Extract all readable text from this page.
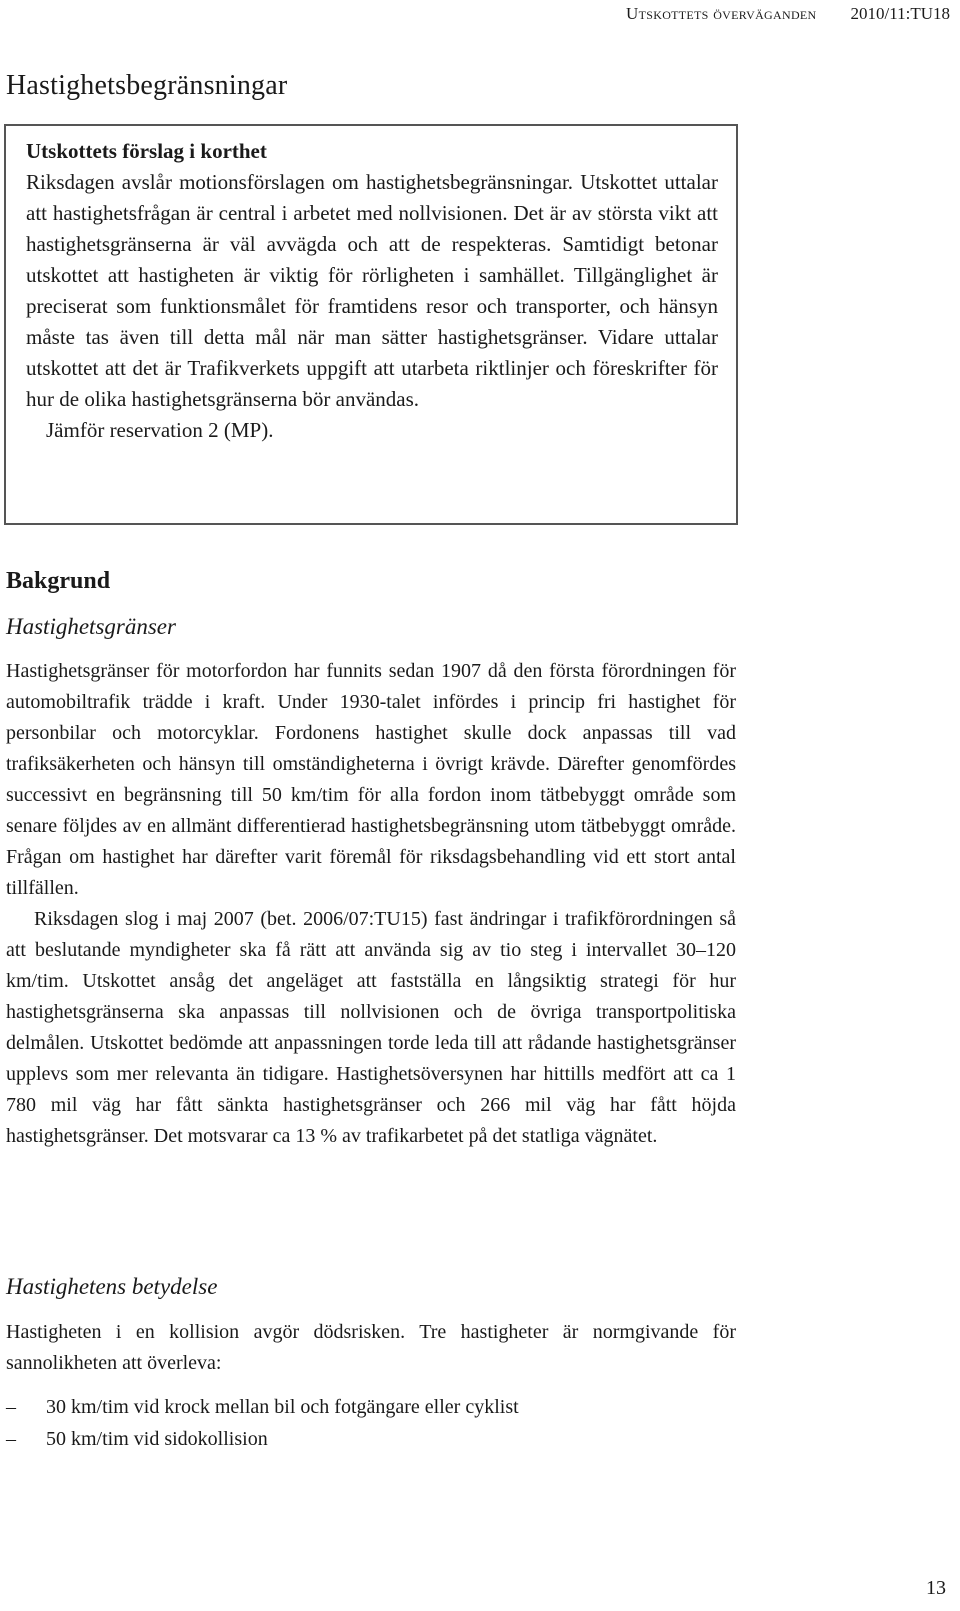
Utskottets överväganden 2010/11:TU18
Hastighetsbegränsningar

Utskottets förslag i korthet

Riksdagen avslår motionsförslagen om hastighetsbegränsningar. Utskottet uttalar att hastighetsfrågan är central i arbetet med nollvisionen. Det är av största vikt att hastighetsgränserna är väl avvägda och att de respekteras. Samtidigt betonar utskottet att hastigheten är viktig för rörligheten i samhället. Tillgänglighet är preciserat som funktionsmålet för framtidens resor och transporter, och hänsyn måste tas även till detta mål när man sätter hastighetsgränser. Vidare uttalar utskottet att det är Trafikverkets uppgift att utarbeta riktlinjer och föreskrifter för hur de olika hastighetsgränserna bör användas.

Jämför reservation 2 (MP).

Bakgrund
Hastighetsgränser

Hastighetsgränser för motorfordon har funnits sedan 1907 då den första förordningen för automobiltrafik trädde i kraft. Under 1930-talet infördes i princip fri hastighet för personbilar och motorcyklar. Fordonens hastighet skulle dock anpassas till vad trafiksäkerheten och hänsyn till omständigheterna i övrigt krävde. Därefter genomfördes successivt en begränsning till 50 km/tim för alla fordon inom tätbebyggt område som senare följdes av en allmänt differentierad hastighetsbegränsning utom tätbebyggt område. Frågan om hastighet har därefter varit föremål för riksdagsbehandling vid ett stort antal tillfällen.

Riksdagen slog i maj 2007 (bet. 2006/07:TU15) fast ändringar i trafikförordningen så att beslutande myndigheter ska få rätt att använda sig av tio steg i intervallet 30–120 km/tim. Utskottet ansåg det angeläget att fastställa en långsiktig strategi för hur hastighetsgränserna ska anpassas till nollvisionen och de övriga transportpolitiska delmålen. Utskottet bedömde att anpassningen torde leda till att rådande hastighetsgränser upplevs som mer relevanta än tidigare. Hastighetsöversynen har hittills medfört att ca 1 780 mil väg har fått sänkta hastighetsgränser och 266 mil väg har fått höjda hastighetsgränser. Det motsvarar ca 13 % av trafikarbetet på det statliga vägnätet.

Hastighetens betydelse

Hastigheten i en kollision avgör dödsrisken. Tre hastigheter är normgivande för sannolikheten att överleva:

– 30 km/tim vid krock mellan bil och fotgängare eller cyklist
– 50 km/tim vid sidokollision
13
